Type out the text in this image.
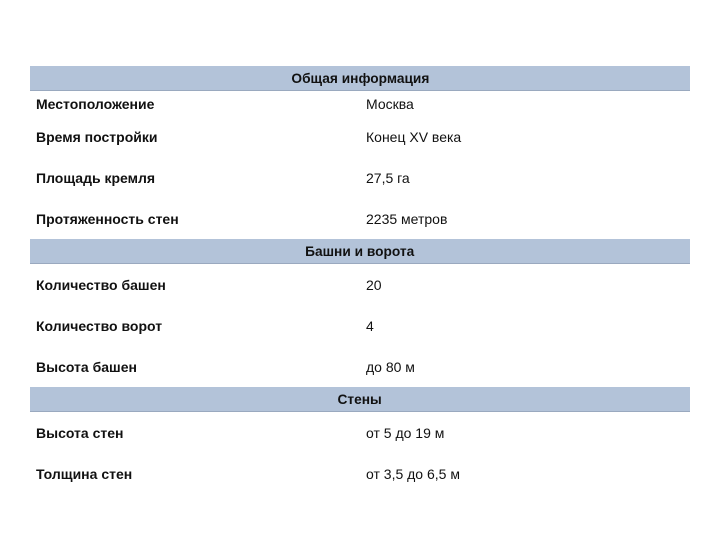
Общая информация	
Местоположение	Москва
Время постройки	Конец XV века
Площадь кремля	27,5 га
Протяженность стен	2235 метров
Башни и ворота	
Количество башен	20
Количество ворот	4
Высота башен	до 80 м
Стены	
Высота стен	от 5 до 19 м
Толщина стен	от 3,5 до 6,5 м
